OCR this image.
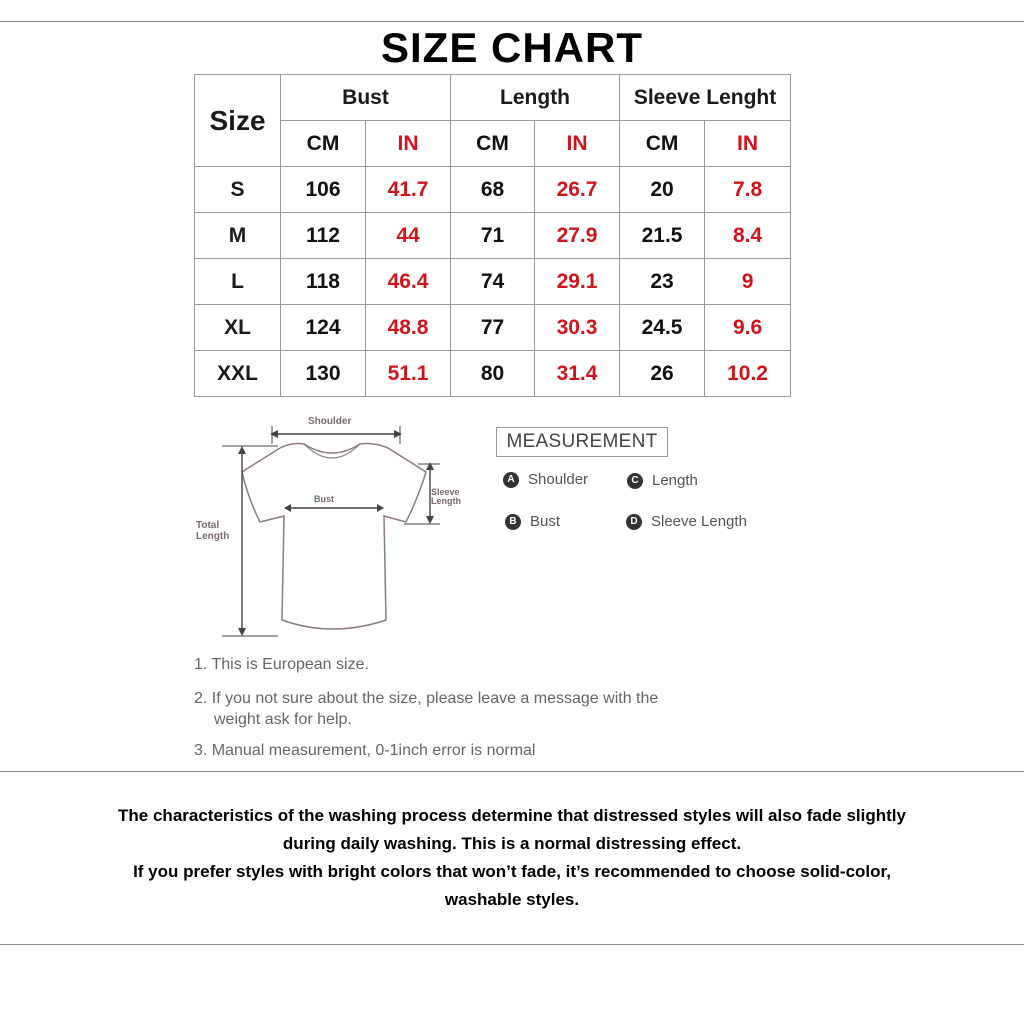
SIZE CHART
Size	Bust		Length		Sleeve Lenght	
	CM	IN	CM	IN	CM	IN
S	106	41.7	68	26.7	20	7.8
M	112	44	71	27.9	21.5	8.4
L	118	46.4	74	29.1	23	9
XL	124	48.8	77	30.3	24.5	9.6
XXL	130	51.1	80	31.4	26	10.2
Shoulder
Bust
Sleeve
Length
Total
Length
MEASUREMENT
A Shoulder
B Bust
C Length
D Sleeve Length
1. This is European size.
2. If you not sure about the size, please leave a message with the
weight ask for help.
3. Manual measurement, 0-1inch error is normal
The characteristics of the washing process determine that distressed styles will also fade slightly
during daily washing. This is a normal distressing effect.
If you prefer styles with bright colors that won’t fade, it’s recommended to choose solid-color,
washable styles.
